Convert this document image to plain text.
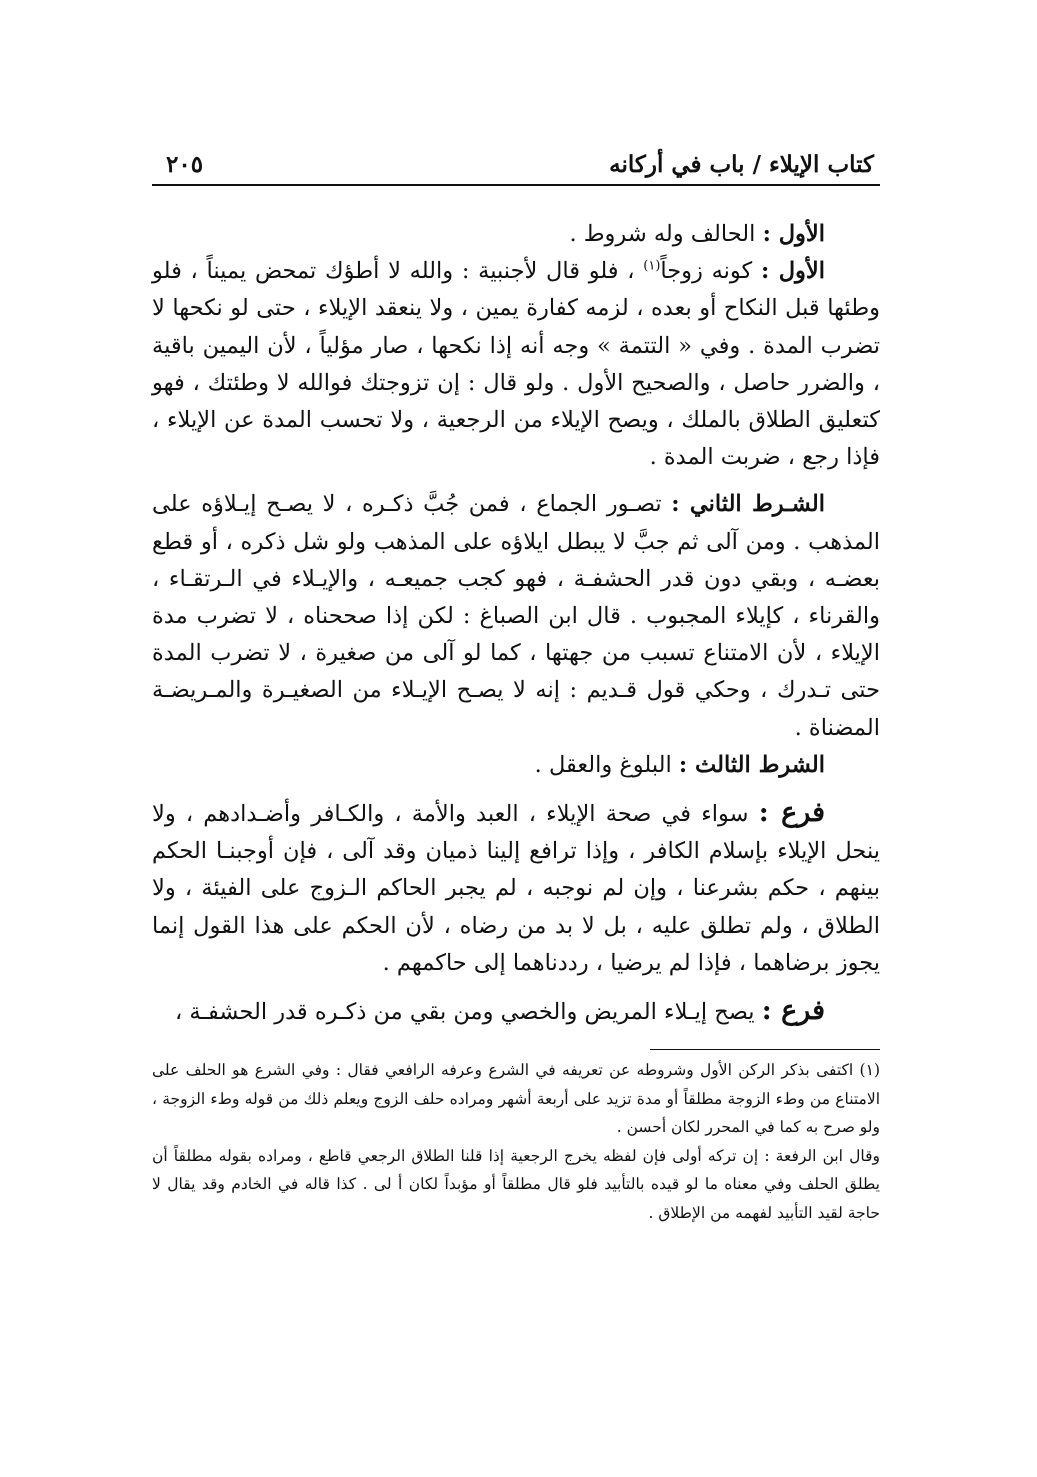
كتاب الإيلاء / باب في أركانه
٢٠٥

الأول : الحالف وله شروط .

الأول : كونه زوجاً$^{(١)}$ ، فلو قال لأجنبية : والله لا أطؤك تمحض يميناً ، فلو وطئها قبل النكاح أو بعده ، لزمه كفارة يمين ، ولا ينعقد الإيلاء ، حتى لو نكحها لا تضرب المدة . وفي « التتمة » وجه أنه إذا نكحها ، صار مؤلياً ، لأن اليمين باقية ، والضرر حاصل ، والصحيح الأول . ولو قال : إن تزوجتك فوالله لا وطئتك ، فهو كتعليق الطلاق بالملك ، ويصح الإيلاء من الرجعية ، ولا تحسب المدة عن الإيلاء ، فإذا رجع ، ضربت المدة .

الشـرط الثاني : تصـور الجماع ، فمن جُبَّ ذكـره ، لا يصـح إيـلاؤه على المذهب . ومن آلى ثم جبَّ لا يبطل ايلاؤه على المذهب ولو شل ذكره ، أو قطع بعضـه ، وبقي دون قدر الحشفـة ، فهو كجب جميعـه ، والإيـلاء في الـرتقـاء ، والقرناء ، كإيلاء المجبوب . قال ابن الصباغ : لكن إذا صححناه ، لا تضرب مدة الإيلاء ، لأن الامتناع تسبب من جهتها ، كما لو آلى من صغيرة ، لا تضرب المدة حتى تـدرك ، وحكي قول قـديم : إنه لا يصـح الإيـلاء من الصغيـرة والمـريضـة المضناة .

الشرط الثالث : البلوغ والعقل .

فرع : سواء في صحة الإيلاء ، العبد والأمة ، والكـافر وأضـدادهم ، ولا ينحل الإيلاء بإسلام الكافر ، وإذا ترافع إلينا ذميان وقد آلى ، فإن أوجبنـا الحكم بينهم ، حكم بشرعنا ، وإن لم نوجبه ، لم يجبر الحاكم الـزوج على الفيئة ، ولا الطلاق ، ولم تطلق عليه ، بل لا بد من رضاه ، لأن الحكم على هذا القول إنما يجوز برضاهما ، فإذا لم يرضيا ، رددناهما إلى حاكمهم .

فرع : يصح إيـلاء المريض والخصي ومن بقي من ذكـره قدر الحشفـة ،

(١) اكتفى بذكر الركن الأول وشروطه عن تعريفه في الشرع وعرفه الرافعي فقال : وفي الشرع هو الحلف على الامتناع من وطء الزوجة مطلقاً أو مدة تزيد على أربعة أشهر ومراده حلف الزوج ويعلم ذلك من قوله وطء الزوجة ، ولو صرح به كما في المحرر لكان أحسن .

وقال ابن الرفعة : إن تركه أولى فإن لفظه يخرج الرجعية إذا قلنا الطلاق الرجعي قاطع ، ومراده بقوله مطلقاً أن يطلق الحلف وفي معناه ما لو قيده بالتأبيد فلو قال مطلقاً أو مؤبداً لكان أ لى . كذا قاله في الخادم وقد يقال لا حاجة لقيد التأبيد لفهمه من الإطلاق .
